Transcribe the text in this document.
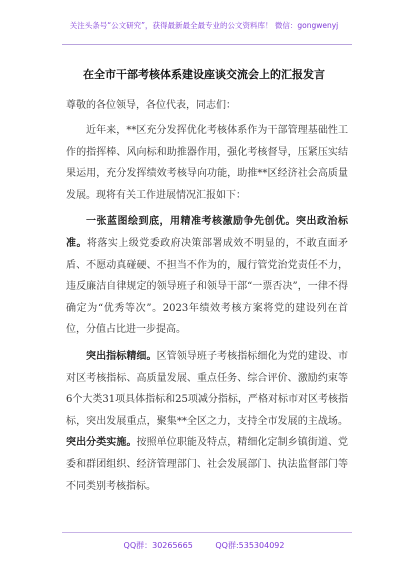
关注头条号“公文研究”，获得最新最全最专业的公文资料库！ 微信：gongwenyj
在全市干部考核体系建设座谈交流会上的汇报发言
尊敬的各位领导，各位代表，同志们：

近年来，**区充分发挥优化考核体系作为干部管理基础性工作的指挥棒、风向标和助推器作用，强化考核督导，压紧压实结果运用，充分发挥绩效考核导向功能，助推**区经济社会高质量发展。现将有关工作进展情况汇报如下：

一张蓝图绘到底，用精准考核激励争先创优。突出政治标准。将落实上级党委政府决策部署成效不明显的，不敢直面矛盾、不愿动真碰硬、不担当不作为的，履行管党治党责任不力，违反廉洁自律规定的领导班子和领导干部“一票否决”，一律不得确定为“优秀等次”。2023年绩效考核方案将党的建设列在首位，分值占比进一步提高。

突出指标精细。区管领导班子考核指标细化为党的建设、市对区考核指标、高质量发展、重点任务、综合评价、激励约束等6个大类31项具体指标和25项减分指标，严格对标市对区考核指标，突出发展重点，聚集**全区之力，支持全市发展的主战场。突出分类实施。按照单位职能及特点，精细化定制乡镇街道、党委和群团组织、经济管理部门、社会发展部门、执法监督部门等不同类别考核指标。

QQ群：30265665	QQ群:535304092
